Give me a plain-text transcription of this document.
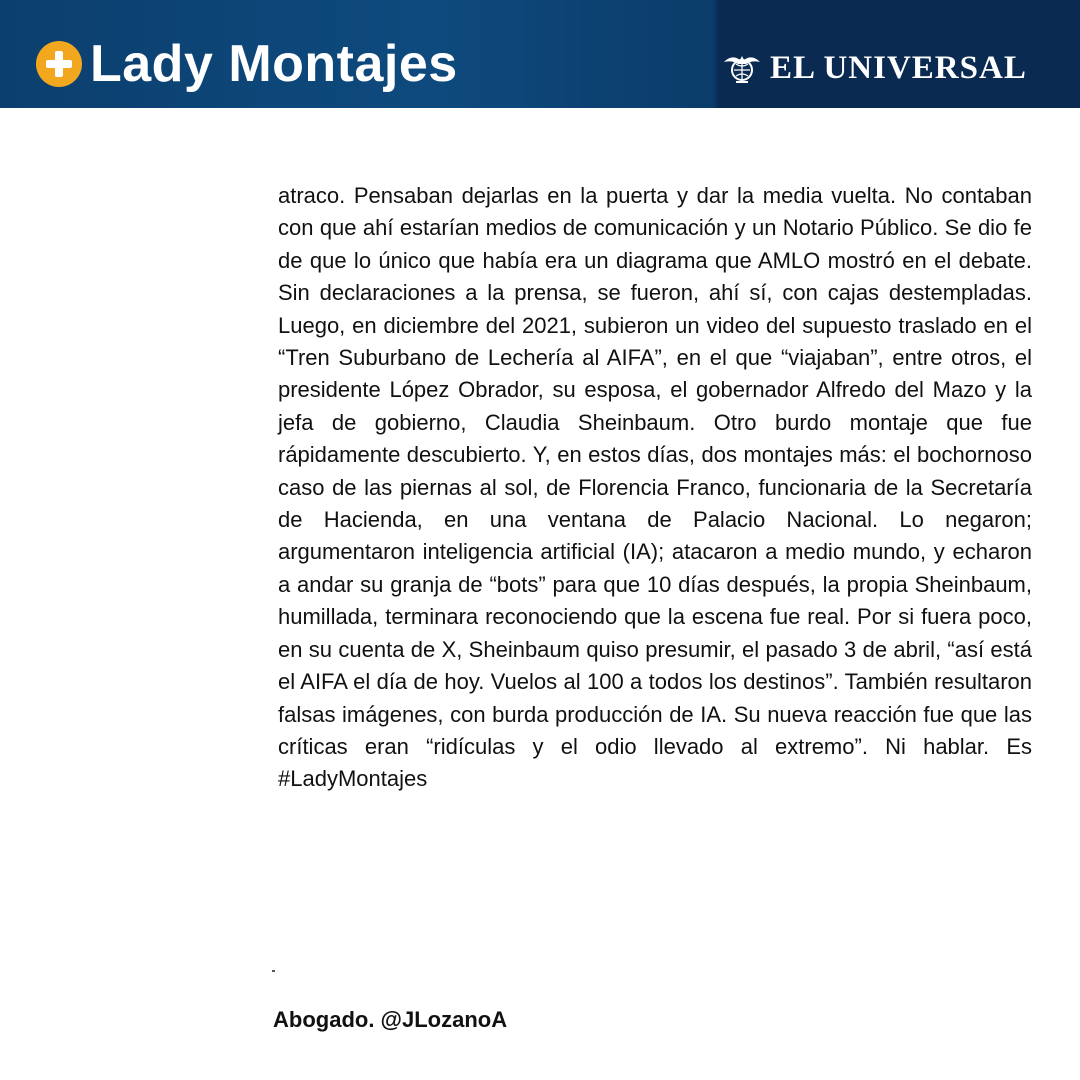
Lady Montajes	EL UNIVERSAL

atraco. Pensaban dejarlas en la puerta y dar la media vuelta. No contaban con que ahí estarían medios de comunicación y un Notario Público. Se dio fe de que lo único que había era un diagrama que AMLO mostró en el debate. Sin declaraciones a la prensa, se fueron, ahí sí, con cajas destempladas. Luego, en diciembre del 2021, subieron un video del supuesto traslado en el “Tren Suburbano de Lechería al AIFA”, en el que “viajaban”, entre otros, el presidente López Obrador, su esposa, el gobernador Alfredo del Mazo y la jefa de gobierno, Claudia Sheinbaum. Otro burdo montaje que fue rápidamente descubierto. Y, en estos días, dos montajes más: el bochornoso caso de las piernas al sol, de Florencia Franco, funcionaria de la Secretaría de Hacienda, en una ventana de Palacio Nacional. Lo negaron; argumentaron inteligencia artificial (IA); atacaron a medio mundo, y echaron a andar su granja de “bots” para que 10 días después, la propia Sheinbaum, humillada, terminara reconociendo que la escena fue real. Por si fuera poco, en su cuenta de X, Sheinbaum quiso presumir, el pasado 3 de abril, “así está el AIFA el día de hoy. Vuelos al 100 a todos los destinos”. También resultaron falsas imágenes, con burda producción de IA. Su nueva reacción fue que las críticas eran “ridículas y el odio llevado al extremo”. Ni hablar. Es #LadyMontajes

Abogado. @JLozanoA
